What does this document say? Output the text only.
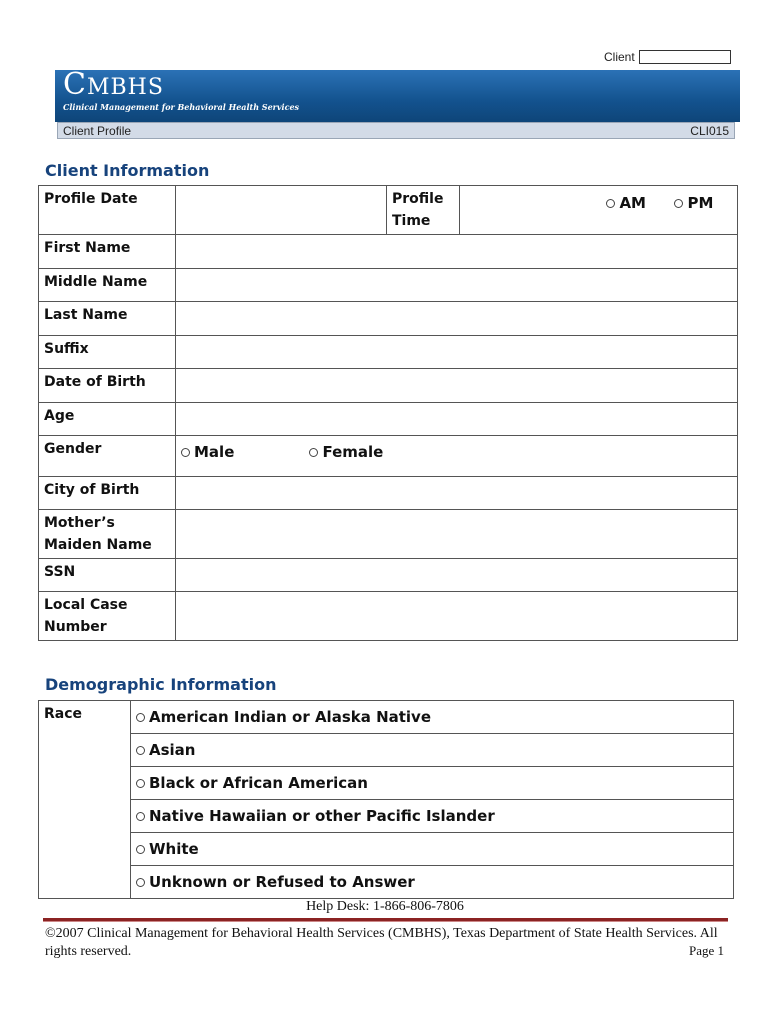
Client
CMBHS
Clinical Management for Behavioral Health Services
Client Profile	CLI015
Client Information
Profile Date		Profile Time	AM
PM

First Name			
Middle Name			
Last Name			
Suffix			
Date of Birth			
Age			
Gender	Male
Female		

City of Birth			
Mother’s Maiden Name			
SSN			
Local Case Number			
Demographic Information
Race	American Indian or Alaska Native

Asian

Black or African American

Native Hawaiian or other Pacific Islander

White

Unknown or Refused to Answer
Help Desk: 1-866-806-7806
©2007 Clinical Management for Behavioral Health Services (CMBHS), Texas Department of State Health Services. All rights reserved.	Page 1
